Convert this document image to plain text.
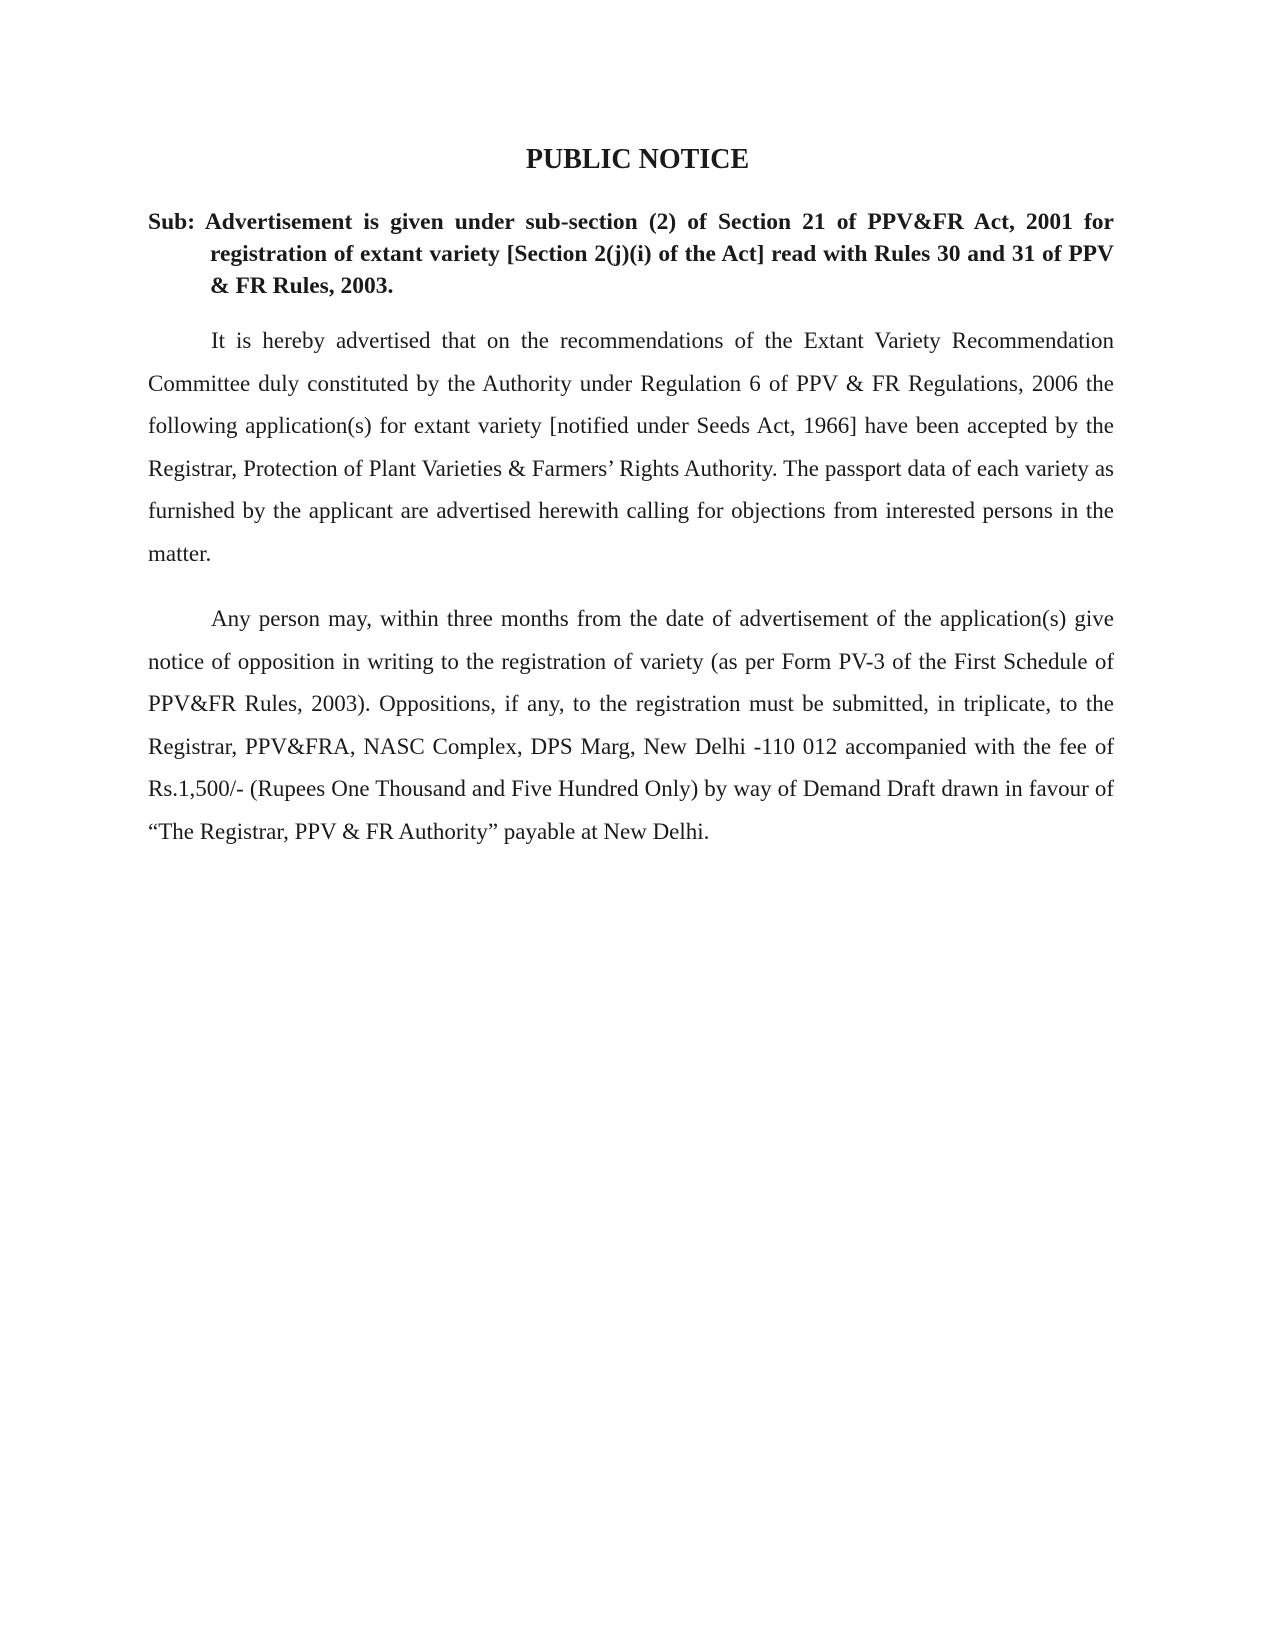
PUBLIC NOTICE

Sub: Advertisement is given under sub-section (2) of Section 21 of PPV&FR Act, 2001 for registration of extant variety [Section 2(j)(i) of the Act] read with Rules 30 and 31 of PPV & FR Rules, 2003.

It is hereby advertised that on the recommendations of the Extant Variety Recommendation Committee duly constituted by the Authority under Regulation 6 of PPV & FR Regulations, 2006 the following application(s) for extant variety [notified under Seeds Act, 1966] have been accepted by the Registrar, Protection of Plant Varieties & Farmers’ Rights Authority. The passport data of each variety as furnished by the applicant are advertised herewith calling for objections from interested persons in the matter.

Any person may, within three months from the date of advertisement of the application(s) give notice of opposition in writing to the registration of variety (as per Form PV-3 of the First Schedule of PPV&FR Rules, 2003). Oppositions, if any, to the registration must be submitted, in triplicate, to the Registrar, PPV&FRA, NASC Complex, DPS Marg, New Delhi -110 012 accompanied with the fee of Rs.1,500/- (Rupees One Thousand and Five Hundred Only) by way of Demand Draft drawn in favour of “The Registrar, PPV & FR Authority” payable at New Delhi.
